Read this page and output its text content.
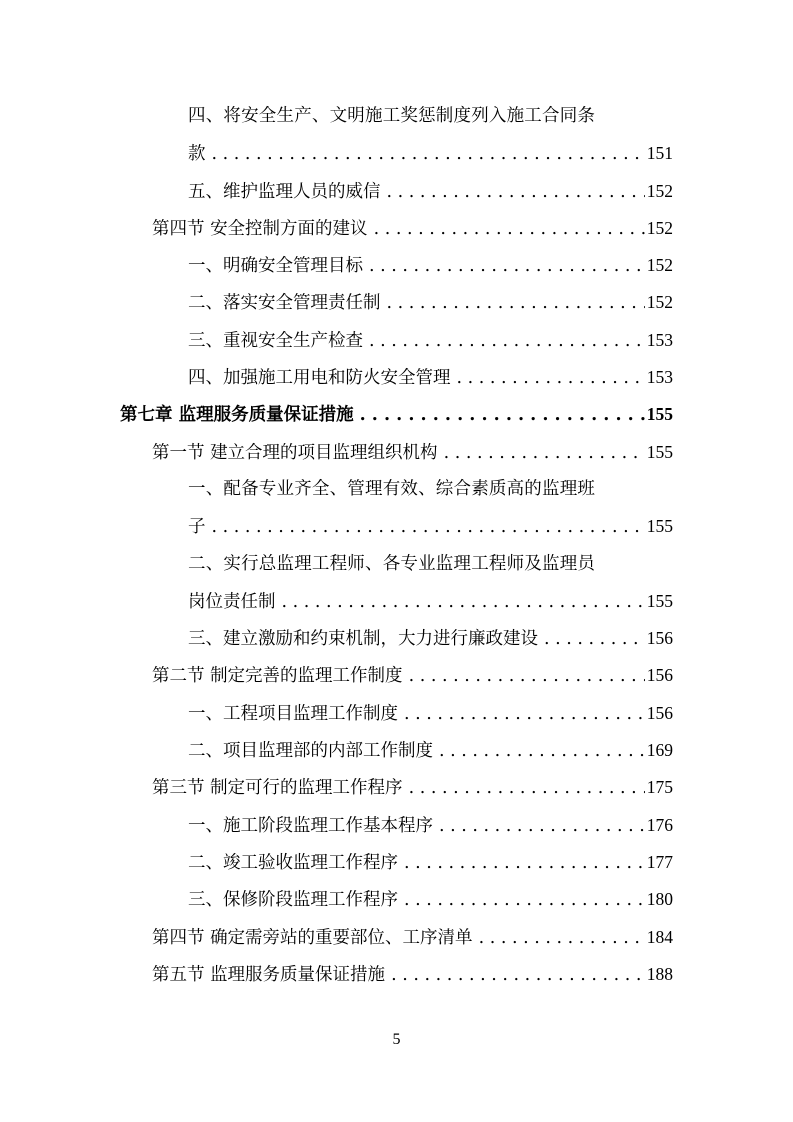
四、将安全生产、文明施工奖惩制度列入施工合同条
款 . . .	151
五、维护监理人员的威信 . . .	152
第四节 安全控制方面的建议 . . .	152
一、明确安全管理目标 . . .	152
二、落实安全管理责任制 . . .	152
三、重视安全生产检查 . . .	153
四、加强施工用电和防火安全管理 . . .	153
第七章 监理服务质量保证措施 . . .	155
第一节 建立合理的项目监理组织机构 . . .	155
一、配备专业齐全、管理有效、综合素质高的监理班
子 . . .	155
二、实行总监理工程师、各专业监理工程师及监理员
岗位责任制 . . .	155
三、建立激励和约束机制，大力进行廉政建设 . . .	156
第二节 制定完善的监理工作制度 . . .	156
一、工程项目监理工作制度 . . .	156
二、项目监理部的内部工作制度 . . .	169
第三节 制定可行的监理工作程序 . . .	175
一、施工阶段监理工作基本程序 . . .	176
二、竣工验收监理工作程序 . . .	177
三、保修阶段监理工作程序 . . .	180
第四节 确定需旁站的重要部位、工序清单 . . .	184
第五节 监理服务质量保证措施 . . .	188
5
